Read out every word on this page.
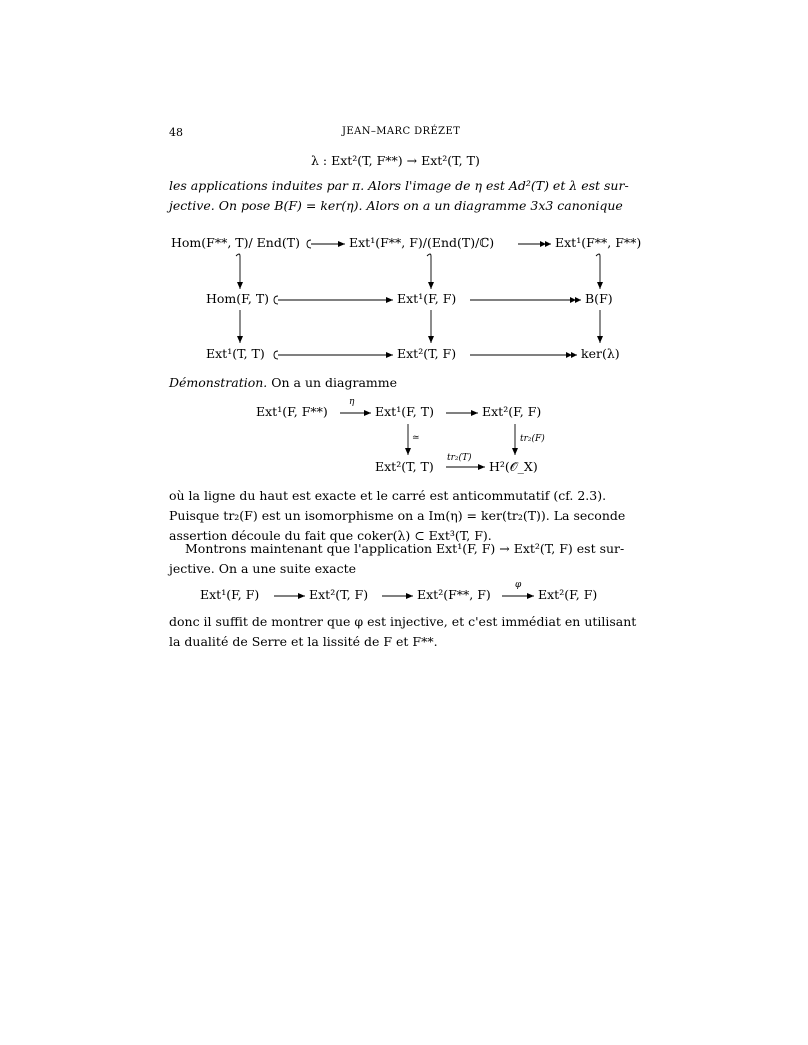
48	JEAN–MARC DRÉZET
λ : Ext²(T, F**) → Ext²(T, T)
les applications induites par π. Alors l'image de η est Ad²(T) et λ est sur-
jective. On pose B(F) = ker(η). Alors on a un diagramme 3x3 canonique
Hom(F**, T)/ End(T)	Ext¹(F**, F)/(End(T)/ℂ)	Ext¹(F**, F**)
Hom(F, T)	Ext¹(F, F)	B(F)
Ext¹(T, T)	Ext²(T, F)	ker(λ)
Démonstration. On a un diagramme
Ext¹(F, F**)	Ext¹(F, T)	Ext²(F, F)
Ext²(T, T)	H²(𝒪_X)
η
≃	tr₂(F)
tr₂(T)
où la ligne du haut est exacte et le carré est anticommutatif (cf. 2.3).
Puisque tr₂(F) est un isomorphisme on a Im(η) = ker(tr₂(T)). La seconde
assertion découle du fait que coker(λ) ⊂ Ext³(T, F).
Montrons maintenant que l'application Ext¹(F, F) → Ext²(T, F) est sur-
jective. On a une suite exacte
Ext¹(F, F)	Ext²(T, F)	Ext²(F**, F)	Ext²(F, F)
φ
donc il suffit de montrer que φ est injective, et c'est immédiat en utilisant
la dualité de Serre et la lissité de F et F**.
